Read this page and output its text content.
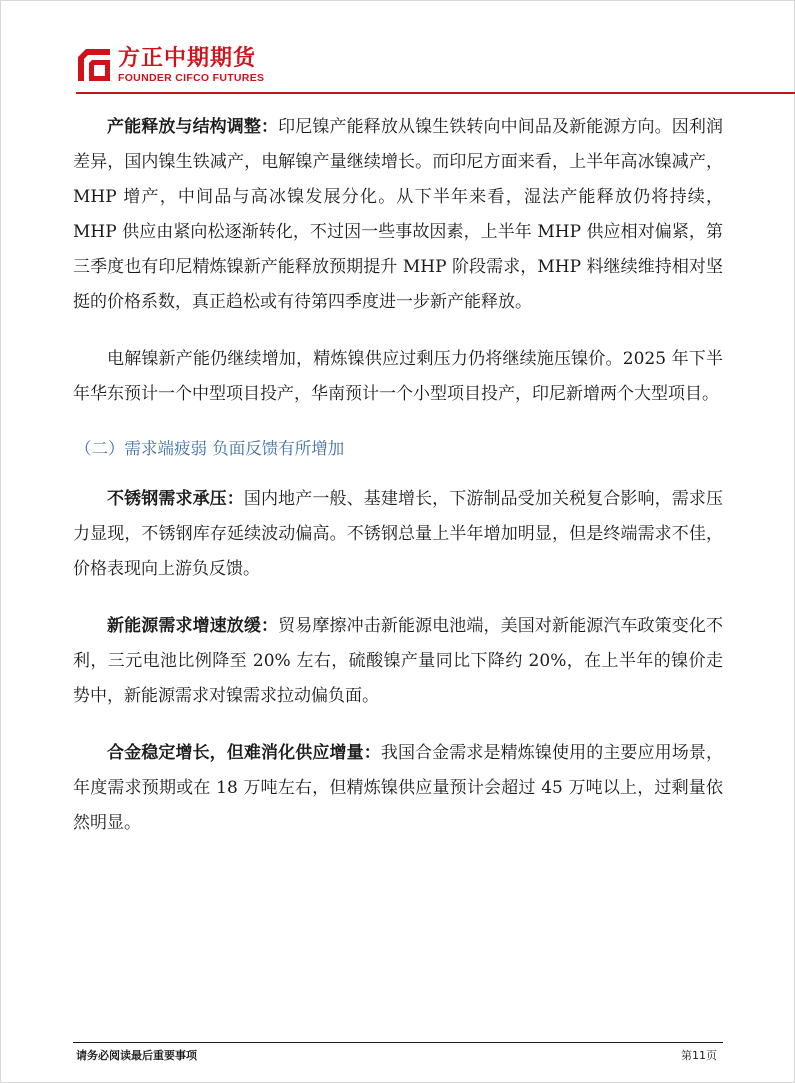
方正中期期货
FOUNDER CIFCO FUTURES

产能释放与结构调整：印尼镍产能释放从镍生铁转向中间品及新能源方向。因利润差异，国内镍生铁减产，电解镍产量继续增长。而印尼方面来看，上半年高冰镍减产，MHP 增产，中间品与高冰镍发展分化。从下半年来看，湿法产能释放仍将持续，MHP 供应由紧向松逐渐转化，不过因一些事故因素，上半年 MHP 供应相对偏紧，第三季度也有印尼精炼镍新产能释放预期提升 MHP 阶段需求，MHP 料继续维持相对坚挺的价格系数，真正趋松或有待第四季度进一步新产能释放。

电解镍新产能仍继续增加，精炼镍供应过剩压力仍将继续施压镍价。2025 年下半年华东预计一个中型项目投产，华南预计一个小型项目投产，印尼新增两个大型项目。

（二）需求端疲弱 负面反馈有所增加

不锈钢需求承压：国内地产一般、基建增长，下游制品受加关税复合影响，需求压力显现，不锈钢库存延续波动偏高。不锈钢总量上半年增加明显，但是终端需求不佳，价格表现向上游负反馈。

新能源需求增速放缓：贸易摩擦冲击新能源电池端，美国对新能源汽车政策变化不利，三元电池比例降至 20% 左右，硫酸镍产量同比下降约 20%，在上半年的镍价走势中，新能源需求对镍需求拉动偏负面。

合金稳定增长，但难消化供应增量：我国合金需求是精炼镍使用的主要应用场景，年度需求预期或在 18 万吨左右，但精炼镍供应量预计会超过 45 万吨以上，过剩量依然明显。

请务必阅读最后重要事项	第11页
